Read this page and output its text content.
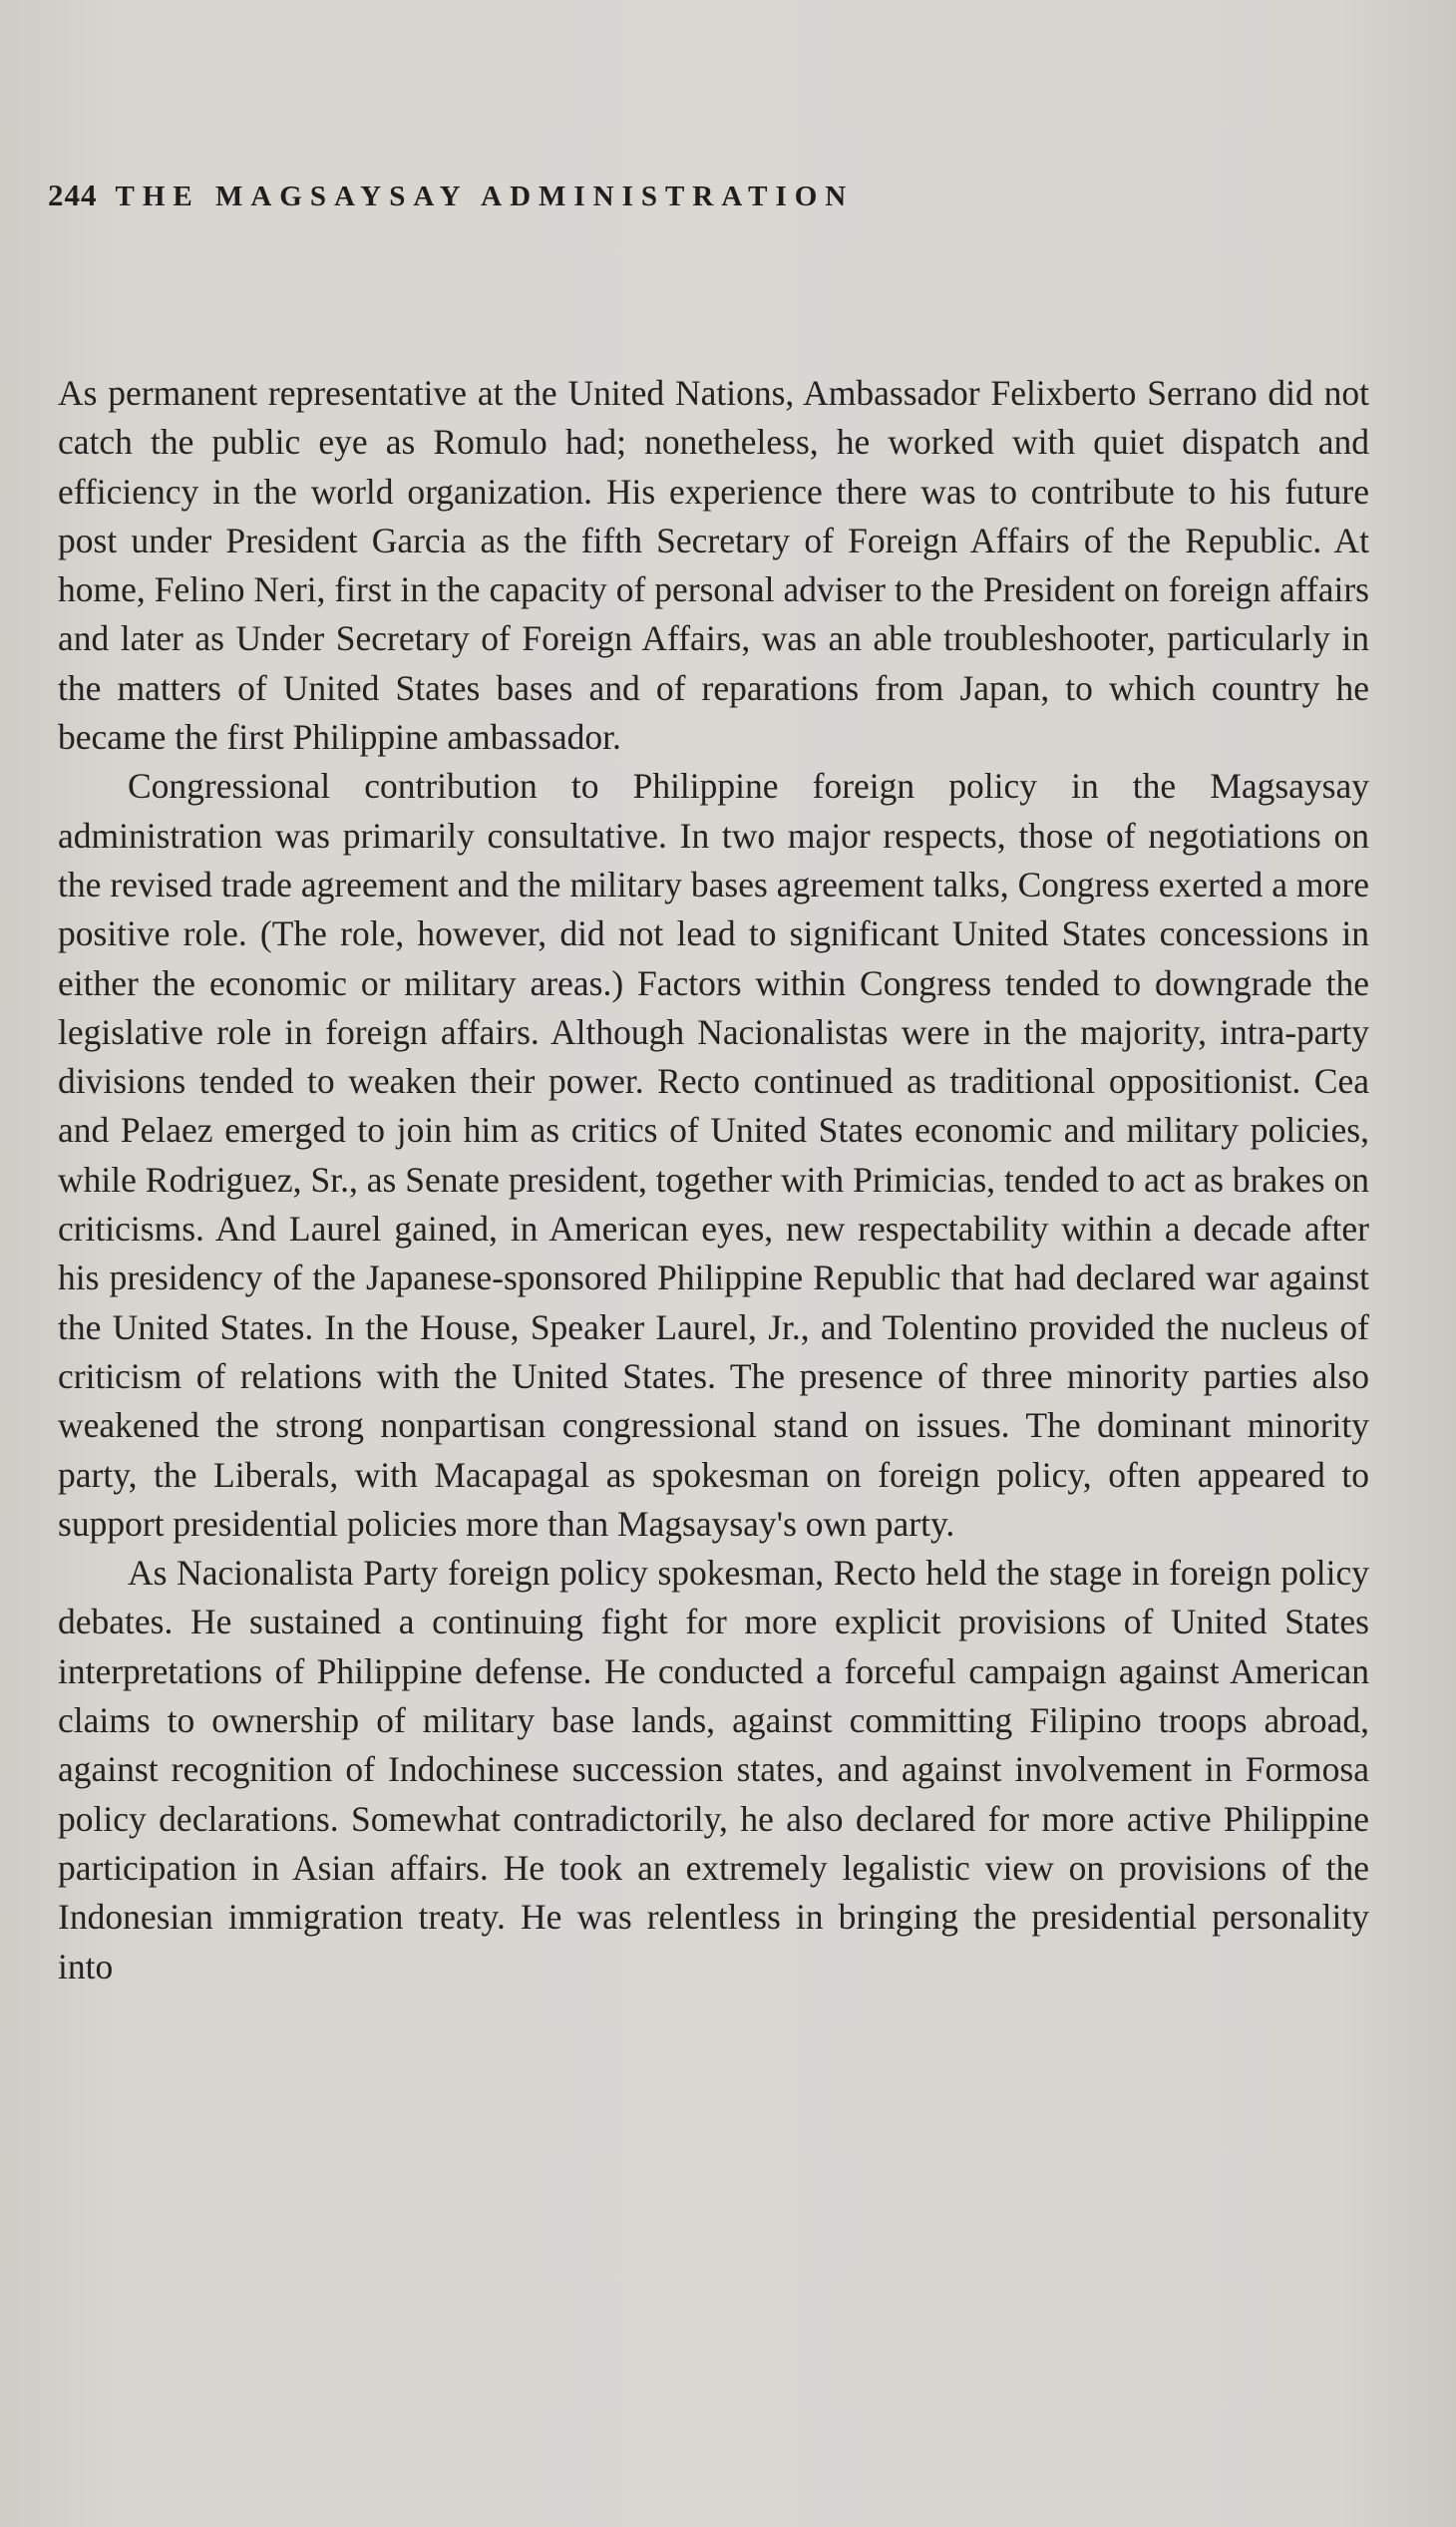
244 THE MAGSAYSAY ADMINISTRATION

As permanent representative at the United Nations, Ambassador Felixberto Serrano did not catch the public eye as Romulo had; nonetheless, he worked with quiet dispatch and efficiency in the world organization. His experience there was to contribute to his future post under President Garcia as the fifth Secretary of Foreign Affairs of the Republic. At home, Felino Neri, first in the capacity of personal adviser to the President on foreign affairs and later as Under Secretary of Foreign Affairs, was an able troubleshooter, particularly in the matters of United States bases and of reparations from Japan, to which country he became the first Philippine ambassador.

Congressional contribution to Philippine foreign policy in the Magsaysay administration was primarily consultative. In two major respects, those of negotiations on the revised trade agreement and the military bases agreement talks, Congress exerted a more positive role. (The role, however, did not lead to significant United States concessions in either the economic or military areas.) Factors within Congress tended to downgrade the legislative role in foreign affairs. Although Nacionalistas were in the majority, intra-party divisions tended to weaken their power. Recto continued as traditional oppositionist. Cea and Pelaez emerged to join him as critics of United States economic and military policies, while Rodriguez, Sr., as Senate president, together with Primicias, tended to act as brakes on criticisms. And Laurel gained, in American eyes, new respectability within a decade after his presidency of the Japanese-sponsored Philippine Republic that had declared war against the United States. In the House, Speaker Laurel, Jr., and Tolentino provided the nucleus of criticism of relations with the United States. The presence of three minority parties also weakened the strong nonpartisan congressional stand on issues. The dominant minority party, the Liberals, with Macapagal as spokesman on foreign policy, often appeared to support presidential policies more than Magsaysay's own party.

As Nacionalista Party foreign policy spokesman, Recto held the stage in foreign policy debates. He sustained a continuing fight for more explicit provisions of United States interpretations of Philippine defense. He conducted a forceful campaign against American claims to ownership of military base lands, against committing Filipino troops abroad, against recognition of Indochinese succession states, and against involvement in Formosa policy declarations. Somewhat contradictorily, he also declared for more active Philippine participation in Asian affairs. He took an extremely legalistic view on provisions of the Indonesian immigration treaty. He was relentless in bringing the presidential personality into
